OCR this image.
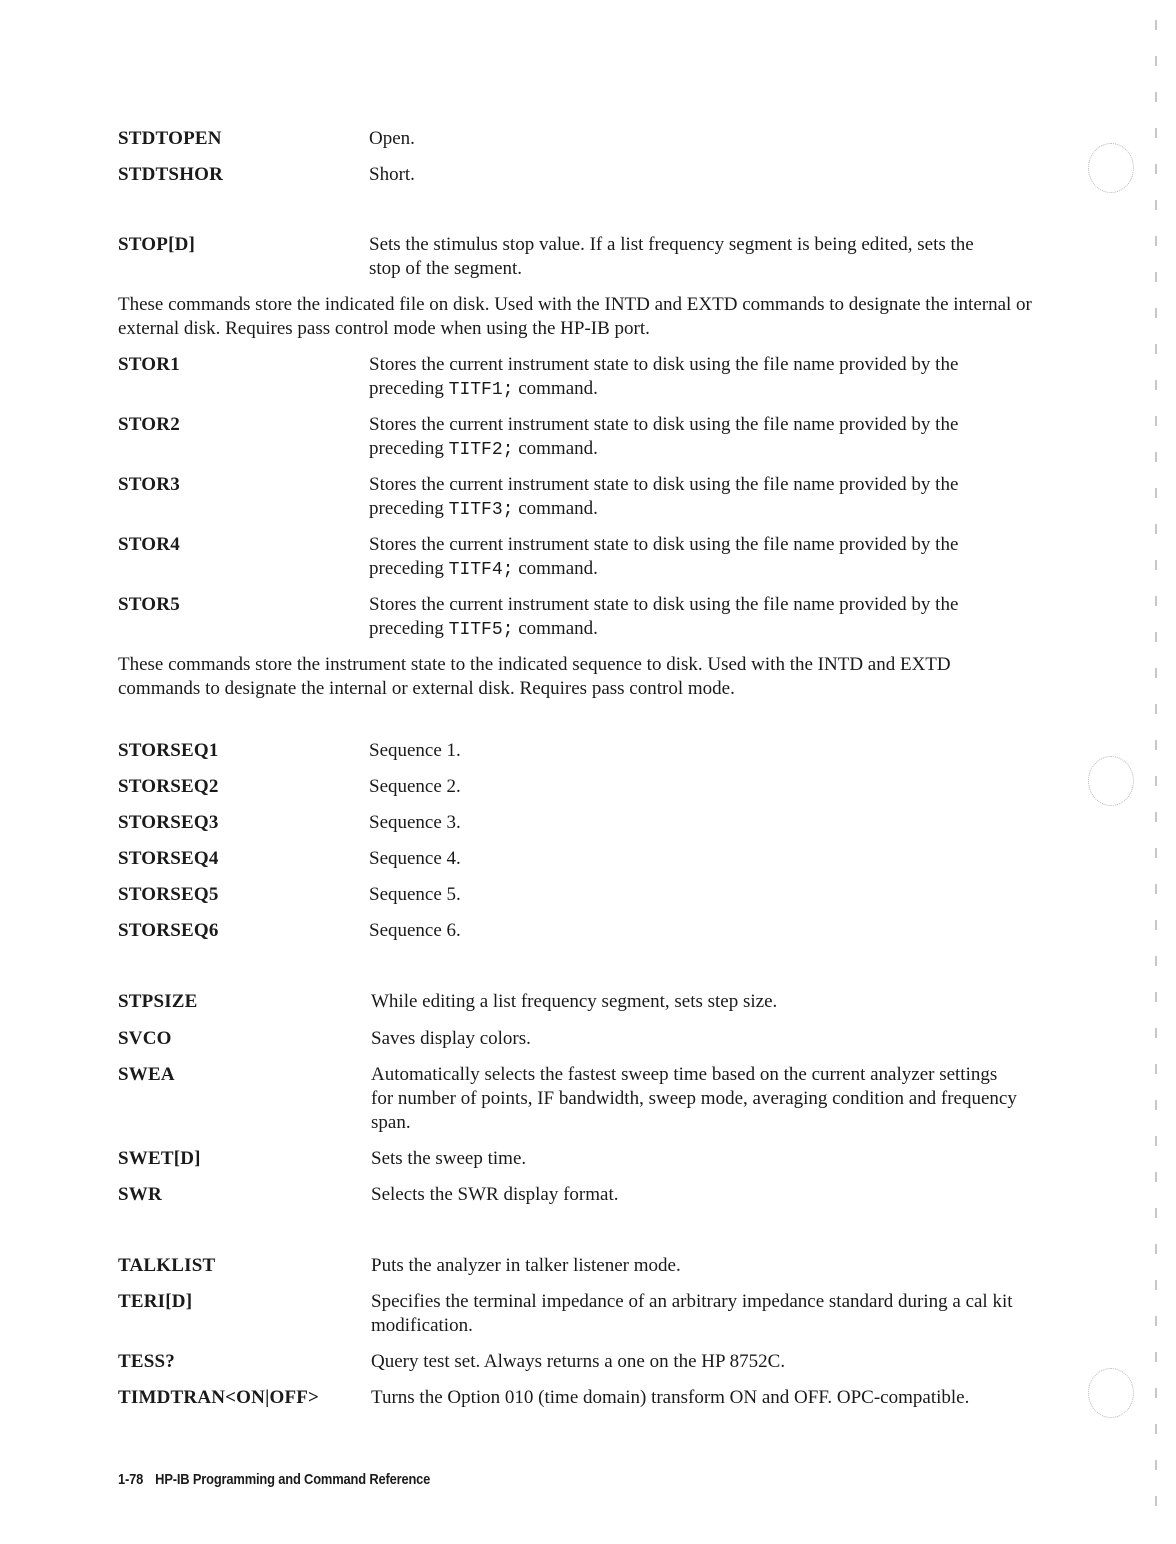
STDTOPEN	Open.
STDTSHOR	Short.
STOP[D]	Sets the stimulus stop value. If a list frequency segment is being edited, sets the stop of the segment.
These commands store the indicated file on disk. Used with the INTD and EXTD commands to designate the internal or external disk. Requires pass control mode when using the HP-IB port.
STOR1	Stores the current instrument state to disk using the file name provided by the preceding TITF1; command.
STOR2	Stores the current instrument state to disk using the file name provided by the preceding TITF2; command.
STOR3	Stores the current instrument state to disk using the file name provided by the preceding TITF3; command.
STOR4	Stores the current instrument state to disk using the file name provided by the preceding TITF4; command.
STOR5	Stores the current instrument state to disk using the file name provided by the preceding TITF5; command.
These commands store the instrument state to the indicated sequence to disk. Used with the INTD and EXTD commands to designate the internal or external disk. Requires pass control mode.
STORSEQ1	Sequence 1.
STORSEQ2	Sequence 2.
STORSEQ3	Sequence 3.
STORSEQ4	Sequence 4.
STORSEQ5	Sequence 5.
STORSEQ6	Sequence 6.
STPSIZE	While editing a list frequency segment, sets step size.
SVCO	Saves display colors.
SWEA	Automatically selects the fastest sweep time based on the current analyzer settings for number of points, IF bandwidth, sweep mode, averaging condition and frequency span.
SWET[D]	Sets the sweep time.
SWR	Selects the SWR display format.
TALKLIST	Puts the analyzer in talker listener mode.
TERI[D]	Specifies the terminal impedance of an arbitrary impedance standard during a cal kit modification.
TESS?	Query test set. Always returns a one on the HP 8752C.
TIMDTRAN<ON|OFF>	Turns the Option 010 (time domain) transform ON and OFF. OPC-compatible.
1-78 HP-IB Programming and Command Reference
